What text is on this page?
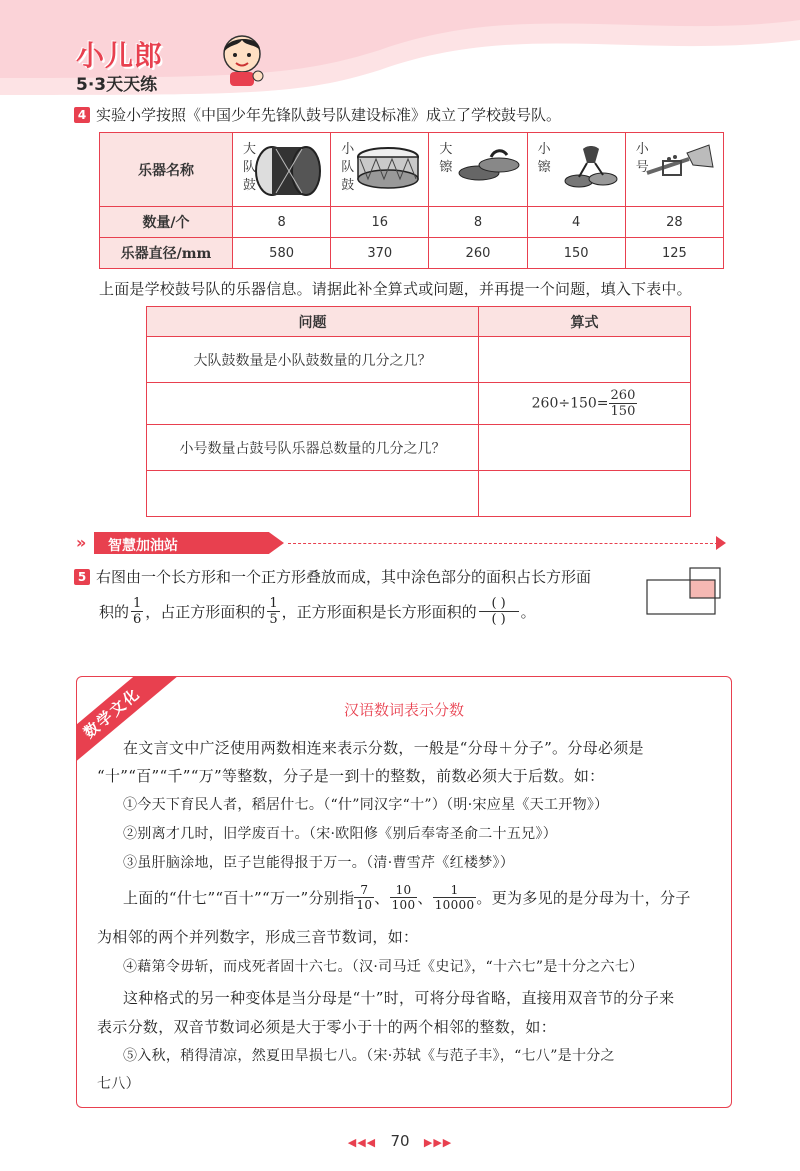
小儿郎
5·3天天练
4 实验小学按照《中国少年先锋队鼓号队建设标准》成立了学校鼓号队。
乐器名称	大队鼓	小队鼓	大镲	小镲	小号

数量/个	8	16	8	4	28
乐器直径/mm	580	370	260	150	125
上面是学校鼓号队的乐器信息。请据此补全算式或问题，并再提一个问题，填入下表中。
问题	算式
大队鼓数量是小队鼓数量的几分之几？	
	$260\div 150= \frac{260}{150}$

小号数量占鼓号队乐器总数量的几分之几？	

» 智慧加油站
5 右图由一个长方形和一个正方形叠放而成，其中涂色部分的面积占长方形面
积的 $\frac{1}{6}$ ，占正方形面积的 $\frac{1}{5}$ ，正方形面积是长方形面积的 $\frac{( )}{( )}$ 。
数学文化	汉语数词表示分数
在文言文中广泛使用两数相连来表示分数，一般是“分母＋分子”。分母必须是
“十”“百”“千”“万”等整数，分子是一到十的整数，前数必须大于后数。如：
①今天下育民人者，稻居什七。（“什”同汉字“十”）（明·宋应星《天工开物》）
②别离才几时，旧学废百十。（宋·欧阳修《别后奉寄圣俞二十五兄》）
③虽肝脑涂地，臣子岂能得报于万一。（清·曹雪芹《红楼梦》）
上面的“什七”“百十”“万一”分别指 $\frac{7}{10}$ 、 $\frac{10}{100}$ 、 $\frac{1}{10000}$ 。更为多见的是分母为十，分子
为相邻的两个并列数字，形成三音节数词，如：
④藉第令毋斩，而戍死者固十六七。（汉·司马迁《史记》，“十六七”是十分之六七）
这种格式的另一种变体是当分母是“十”时，可将分母省略，直接用双音节的分子来
表示分数，双音节数词必须是大于零小于十的两个相邻的整数，如：
⑤入秋，稍得清凉，然夏田旱损七八。（宋·苏轼《与范子丰》，“七八”是十分之
七八）
◀◀◀ 70 ▶▶▶
